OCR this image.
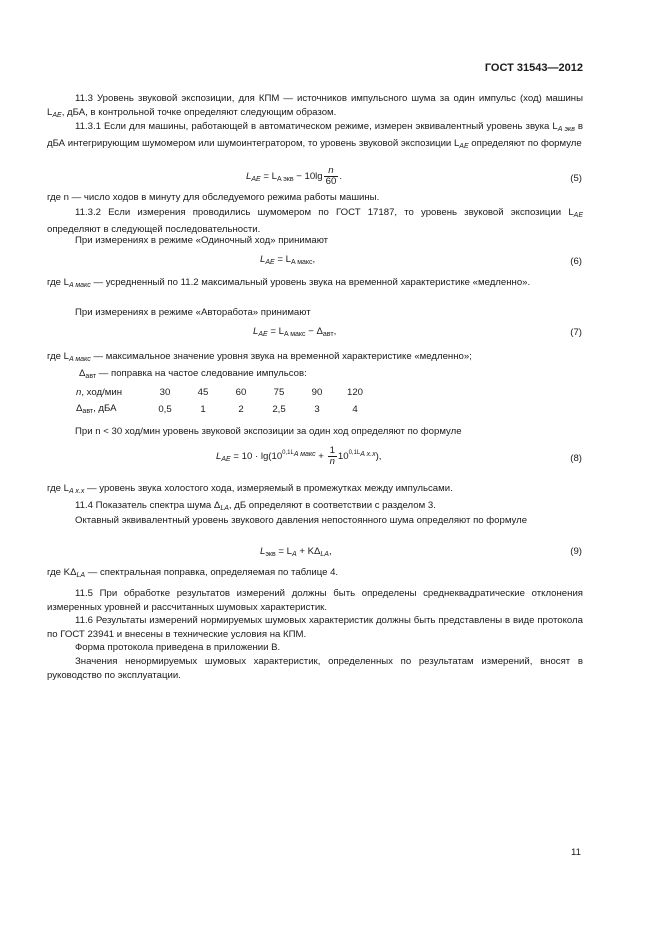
ГОСТ 31543—2012
11.3 Уровень звуковой экспозиции, для КПМ — источников импульсного шума за один импульс (ход) машины $L_{AE}$, дБА, в контрольной точке определяют следующим образом.
11.3.1 Если для машины, работающей в автоматическом режиме, измерен эквивалентный уровень звука $L_{A экв}$ в дБА интегрирующим шумомером или шумоинтегратором, то уровень звуковой экспозиции $L_{AE}$ определяют по формуле
$L_{AE} = L_{A экв} - 10\lg \frac{n}{60}$ .	(5)
где n — число ходов в минуту для обследуемого режима работы машины.
11.3.2 Если измерения проводились шумомером по ГОСТ 17187, то уровень звуковой экспозиции $L_{AE}$ определяют в следующей последовательности.
При измерениях в режиме «Одиночный ход» принимают
$L_{AE} = L_{A макс}$,	(6)
где $L_{A макс}$ — усредненный по 11.2 максимальный уровень звука на временной характеристике «медленно».
При измерениях в режиме «Авторабота» принимают
$L_{AE} = L_{A макс} - \Delta_{авт}$,	(7)
где $L_{A макс}$ — максимальное значение уровня звука на временной характеристике «медленно»;
$\Delta_{авт}$ — поправка на частое следование импульсов:
n, ход/мин	30	45	60	75	90	120
$\Delta_{авт}$, дБА	0,5	1	2	2,5	3	4
При n < 30 ход/мин уровень звуковой экспозиции за один ход определяют по формуле
$L_{AE} = 10 \cdot \lg(10^{0,1L_{A макс}} + \frac{1}{n} 10^{0,1L_{A х.х}})$,	(8)
где $L_{A х.х}$ — уровень звука холостого хода, измеряемый в промежутках между импульсами.
11.4 Показатель спектра шума $\Delta_{LA}$, дБ определяют в соответствии с разделом 3.
Октавный эквивалентный уровень звукового давления непостоянного шума определяют по формуле
$L_{экв} = L_A + K\Delta_{LA}$,	(9)
где $K\Delta_{LA}$ — спектральная поправка, определяемая по таблице 4.
11.5 При обработке результатов измерений должны быть определены среднеквадратические отклонения измеренных уровней и рассчитанных шумовых характеристик.
11.6 Результаты измерений нормируемых шумовых характеристик должны быть представлены в виде протокола по ГОСТ 23941 и внесены в технические условия на КПМ.
Форма протокола приведена в приложении В.
Значения ненормируемых шумовых характеристик, определенных по результатам измерений, вносят в руководство по эксплуатации.
11
